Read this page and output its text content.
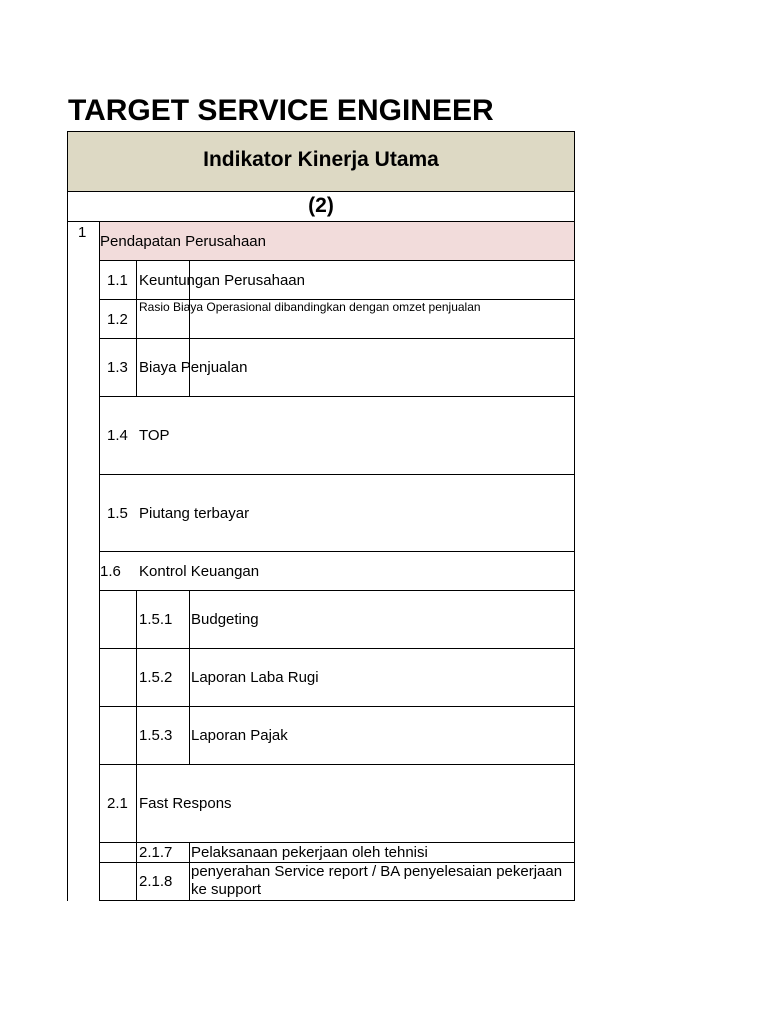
TARGET SERVICE ENGINEER
Indikator Kinerja Utama
(2)
1
Pendapatan Perusahaan
1.1 Keuntungan Perusahaan
1.2
Rasio Biaya Operasional dibandingkan dengan omzet penjualan
1.3 Biaya Penjualan
1.4 TOP
1.5 Piutang terbayar
1.6 Kontrol Keuangan
1.5.1 Budgeting
1.5.2 Laporan Laba Rugi
1.5.3 Laporan Pajak
2.1 Fast Respons
2.1.7 Pelaksanaan pekerjaan oleh tehnisi
2.1.8
penyerahan Service report / BA penyelesaian pekerjaan
ke support
